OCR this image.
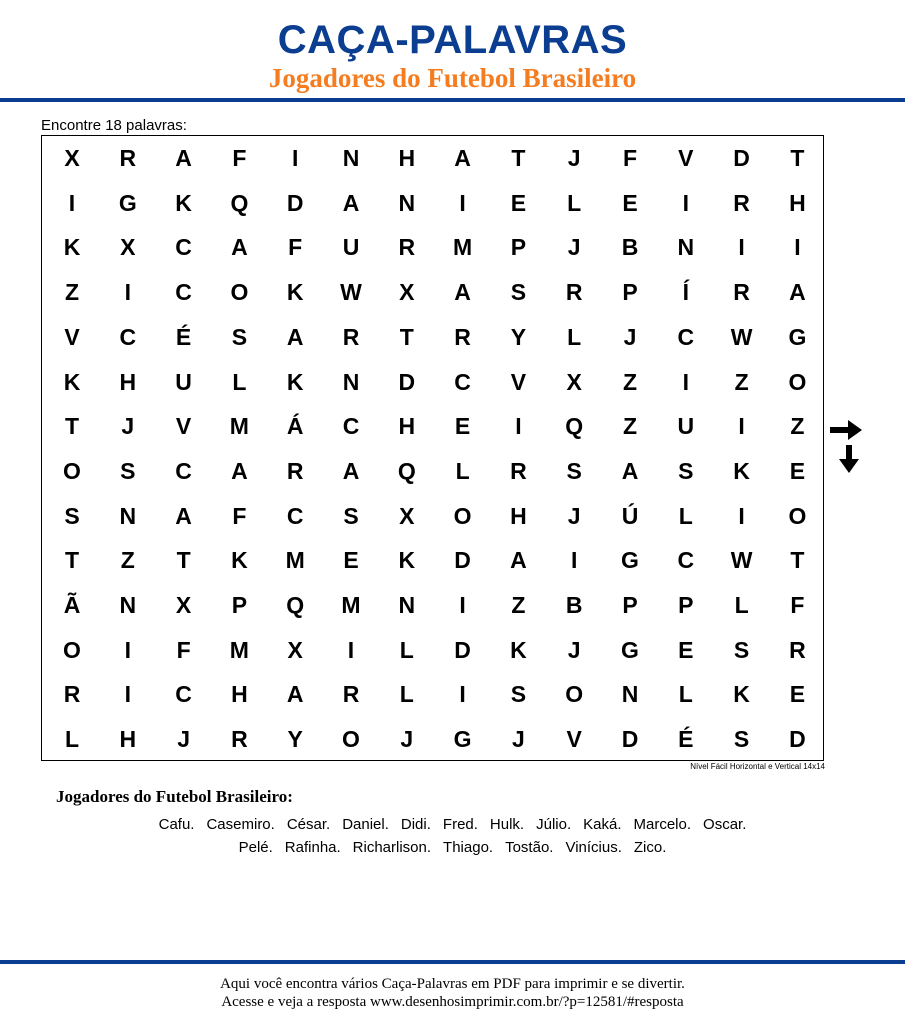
CAÇA-PALAVRAS
Jogadores do Futebol Brasileiro
Encontre 18 palavras:
X	R	A	F	I	N	H	A	T	J	F	V	D	T
I	G	K	Q	D	A	N	I	E	L	E	I	R	H
K	X	C	A	F	U	R	M	P	J	B	N	I	I
Z	I	C	O	K	W	X	A	S	R	P	Í	R	A
V	C	É	S	A	R	T	R	Y	L	J	C	W	G
K	H	U	L	K	N	D	C	V	X	Z	I	Z	O
T	J	V	M	Á	C	H	E	I	Q	Z	U	I	Z
O	S	C	A	R	A	Q	L	R	S	A	S	K	E
S	N	A	F	C	S	X	O	H	J	Ú	L	I	O
T	Z	T	K	M	E	K	D	A	I	G	C	W	T
Ã	N	X	P	Q	M	N	I	Z	B	P	P	L	F
O	I	F	M	X	I	L	D	K	J	G	E	S	R
R	I	C	H	A	R	L	I	S	O	N	L	K	E
L	H	J	R	Y	O	J	G	J	V	D	É	S	D
Nível Fácil Horizontal e Vertical 14x14
Jogadores do Futebol Brasileiro:
Cafu. Casemiro. César. Daniel. Didi. Fred. Hulk. Júlio. Kaká. Marcelo. Oscar.
Pelé. Rafinha. Richarlison. Thiago. Tostão. Vinícius. Zico.
Aqui você encontra vários Caça-Palavras em PDF para imprimir e se divertir.
Acesse e veja a resposta www.desenhosimprimir.com.br/?p=12581/#resposta
